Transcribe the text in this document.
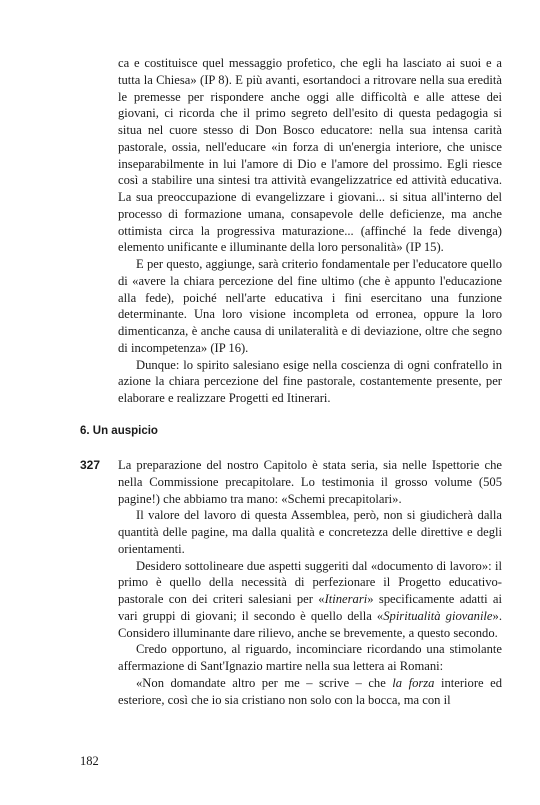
ca e costituisce quel messaggio profetico, che egli ha lasciato ai suoi e a tutta la Chiesa» (IP 8). E più avanti, esortandoci a ritrovare nella sua eredità le premesse per rispondere anche oggi alle difficoltà e alle attese dei giovani, ci ricorda che il primo segreto dell'esito di questa pedagogia si situa nel cuore stesso di Don Bosco educatore: nella sua intensa carità pastorale, ossia, nell'educare «in forza di un'energia interiore, che unisce inseparabilmente in lui l'amore di Dio e l'amore del prossimo. Egli riesce così a stabilire una sintesi tra attività evangelizzatrice ed attività educativa. La sua preoccupazione di evangelizzare i giovani... si situa all'interno del processo di formazione umana, consapevole delle deficienze, ma anche ottimista circa la progressiva maturazione... (affinché la fede divenga) elemento unificante e illuminante della loro personalità» (IP 15).

E per questo, aggiunge, sarà criterio fondamentale per l'educatore quello di «avere la chiara percezione del fine ultimo (che è appunto l'educazione alla fede), poiché nell'arte educativa i fini esercitano una funzione determinante. Una loro visione incompleta od erronea, oppure la loro dimenticanza, è anche causa di unilateralità e di deviazione, oltre che segno di incompetenza» (IP 16).

Dunque: lo spirito salesiano esige nella coscienza di ogni confratello in azione la chiara percezione del fine pastorale, costantemente presente, per elaborare e realizzare Progetti ed Itinerari.

6. Un auspicio
327 La preparazione del nostro Capitolo è stata seria, sia nelle Ispettorie che nella Commissione precapitolare. Lo testimonia il grosso volume (505 pagine!) che abbiamo tra mano: «Schemi precapitolari».

Il valore del lavoro di questa Assemblea, però, non si giudicherà dalla quantità delle pagine, ma dalla qualità e concretezza delle direttive e degli orientamenti.

Desidero sottolineare due aspetti suggeriti dal «documento di lavoro»: il primo è quello della necessità di perfezionare il Progetto educativo-pastorale con dei criteri salesiani per «Itinerari» specificamente adatti ai vari gruppi di giovani; il secondo è quello della «Spiritualità giovanile». Considero illuminante dare rilievo, anche se brevemente, a questo secondo.

Credo opportuno, al riguardo, incominciare ricordando una stimolante affermazione di Sant'Ignazio martire nella sua lettera ai Romani:

«Non domandate altro per me – scrive – che la forza interiore ed esteriore, così che io sia cristiano non solo con la bocca, ma con il

182
